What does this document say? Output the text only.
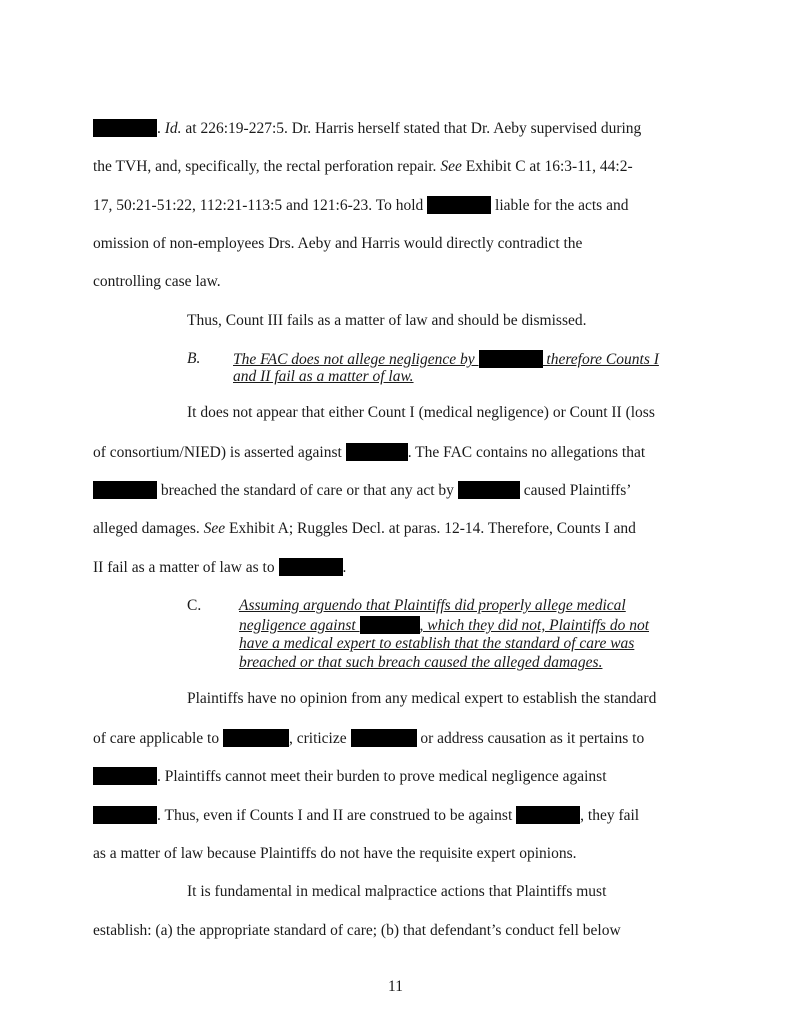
. Id. at 226:19-227:5. Dr. Harris herself stated that Dr. Aeby supervised during
the TVH, and, specifically, the rectal perforation repair. See Exhibit C at 16:3-11, 44:2-
17, 50:21-51:22, 112:21-113:5 and 121:6-23. To hold	liable for the acts and
omission of non-employees Drs. Aeby and Harris would directly contradict the
controlling case law.
Thus, Count III fails as a matter of law and should be dismissed.
B. The FAC does not allege negligence by	therefore Counts I
and II fail as a matter of law.
It does not appear that either Count I (medical negligence) or Count II (loss
of consortium/NIED) is asserted against	. The FAC contains no allegations that
breached the standard of care or that any act by	caused Plaintiffs’
alleged damages. See Exhibit A; Ruggles Decl. at paras. 12-14. Therefore, Counts I and
II fail as a matter of law as to	.
C. Assuming arguendo that Plaintiffs did properly allege medical
negligence against	, which they did not, Plaintiffs do not
have a medical expert to establish that the standard of care was
breached or that such breach caused the alleged damages.
Plaintiffs have no opinion from any medical expert to establish the standard
of care applicable to	, criticize	or address causation as it pertains to
. Plaintiffs cannot meet their burden to prove medical negligence against
. Thus, even if Counts I and II are construed to be against	, they fail
as a matter of law because Plaintiffs do not have the requisite expert opinions.
It is fundamental in medical malpractice actions that Plaintiffs must
establish: (a) the appropriate standard of care; (b) that defendant’s conduct fell below
11
